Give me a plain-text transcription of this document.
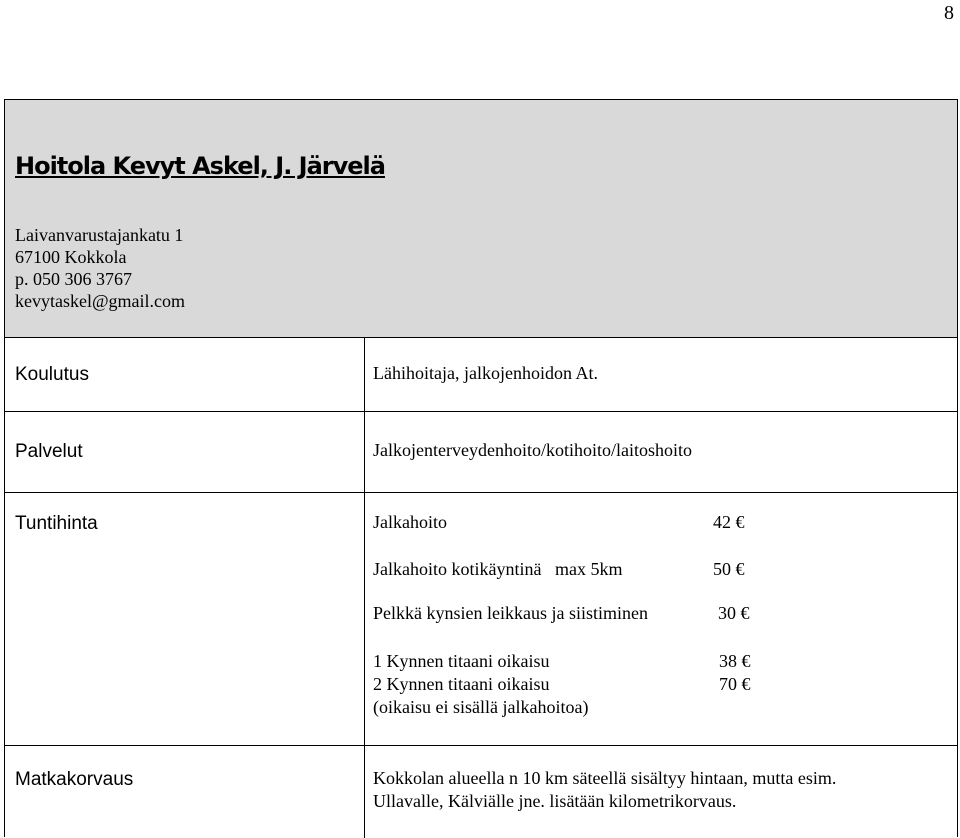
8
Hoitola Kevyt Askel, J. Järvelä
Laivanvarustajankatu 1
67100 Kokkola
p. 050 306 3767
kevytaskel@gmail.com
Koulutus	Lähihoitaja, jalkojenhoidon At.
Palvelut	Jalkojenterveydenhoito/kotihoito/laitoshoito
Tuntihinta	Jalkahoito	42 €
Jalkahoito kotikäyntinä   max 5km	50 €
Pelkkä kynsien leikkaus ja siistiminen	30 €
1 Kynnen titaani oikaisu	38 €
2 Kynnen titaani oikaisu	70 €
(oikaisu ei sisällä jalkahoitoa)
Matkakorvaus	Kokkolan alueella n 10 km säteellä sisältyy hintaan, mutta esim.
Ullavalle, Kälviälle jne. lisätään kilometrikorvaus.
